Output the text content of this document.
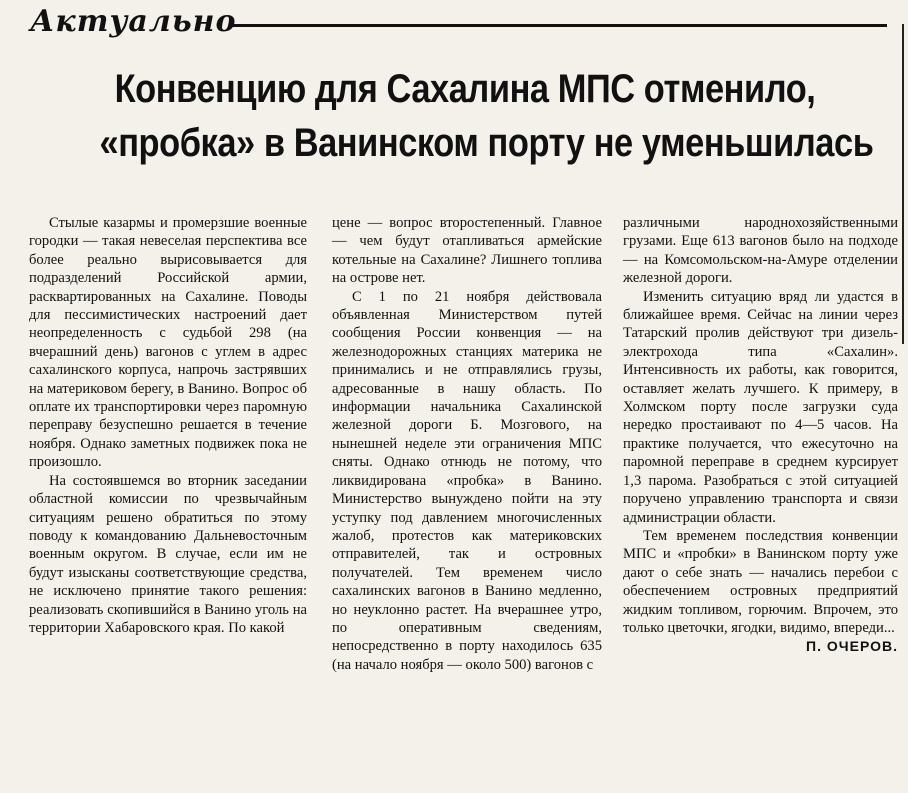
Актуально
Конвенцию для Сахалина МПС отменило,
«пробка» в Ванинском порту не уменьшилась

Стылые казармы и промерзшие военные городки — такая невеселая перспектива все более реально вырисовывается для подразделений Российской армии, расквартированных на Сахалине. Поводы для пессимистических настроений дает неопределенность с судьбой 298 (на вчерашний день) вагонов с углем в адрес сахалинского корпуса, напрочь застрявших на материковом берегу, в Ванино. Вопрос об оплате их транспортировки через паромную переправу безуспешно решается в течение ноября. Однако заметных подвижек пока не произошло.

На состоявшемся во вторник заседании областной комиссии по чрезвычайным ситуациям решено обратиться по этому поводу к командованию Дальневосточным военным округом. В случае, если им не будут изысканы соответствующие средства, не исключено принятие такого решения: реализовать скопившийся в Ванино уголь на территории Хабаровского края. По какой

цене — вопрос второстепенный. Главное — чем будут отапливаться армейские котельные на Сахалине? Лишнего топлива на острове нет.

С 1 по 21 ноября действовала объявленная Министерством путей сообщения России конвенция — на железнодорожных станциях материка не принимались и не отправлялись грузы, адресованные в нашу область. По информации начальника Сахалинской железной дороги Б. Мозгового, на нынешней неделе эти ограничения МПС сняты. Однако отнюдь не потому, что ликвидирована «пробка» в Ванино. Министерство вынуждено пойти на эту уступку под давлением многочисленных жалоб, протестов как материковских отправителей, так и островных получателей. Тем временем число сахалинских вагонов в Ванино медленно, но неуклонно растет. На вчерашнее утро, по оперативным сведениям, непосредственно в порту находилось 635 (на начало ноября — около 500) вагонов с

различными народнохозяйственными грузами. Еще 613 вагонов было на подходе — на Комсомольском-на-Амуре отделении железной дороги.

Изменить ситуацию вряд ли удастся в ближайшее время. Сейчас на линии через Татарский пролив действуют три дизель-электрохода типа «Сахалин». Интенсивность их работы, как говорится, оставляет желать лучшего. К примеру, в Холмском порту после загрузки суда нередко простаивают по 4—5 часов. На практике получается, что ежесуточно на паромной переправе в среднем курсирует 1,3 парома. Разобраться с этой ситуацией поручено управлению транспорта и связи администрации области.

Тем временем последствия конвенции МПС и «пробки» в Ванинском порту уже дают о себе знать — начались перебои с обеспечением островных предприятий жидким топливом, горючим. Впрочем, это только цветочки, ягодки, видимо, впереди...

П. ОЧЕРОВ.
